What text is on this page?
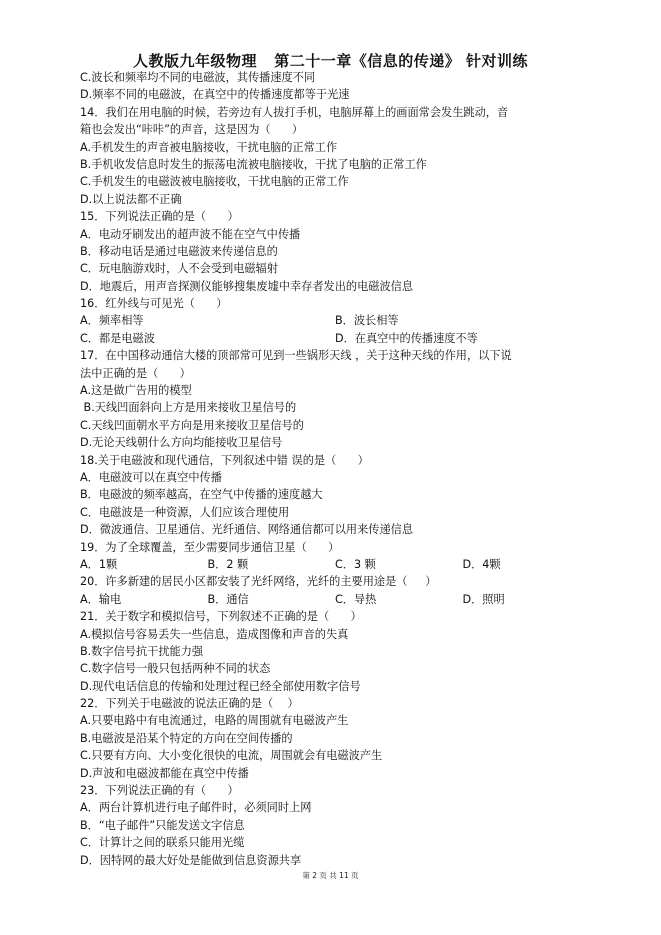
人教版九年级物理   第二十一章《信息的传递》 针对训练
C.波长和频率均不同的电磁波，其传播速度不同
D.频率不同的电磁波，在真空中的传播速度都等于光速
14．我们在用电脑的时候，若旁边有人拔打手机，电脑屏幕上的画面常会发生跳动，音
箱也会发出“咔咔”的声音，这是因为（      ）
A.手机发生的声音被电脑接收，干扰电脑的正常工作
B.手机收发信息时发生的振荡电流被电脑接收，干扰了电脑的正常工作
C.手机发生的电磁波被电脑接收，干扰电脑的正常工作
D.以上说法都不正确
15．下列说法正确的是（      ）
A．电动牙刷发出的超声波不能在空气中传播
B．移动电话是通过电磁波来传递信息的
C．玩电脑游戏时，人不会受到电磁辐射
D．地震后，用声音探测仪能够搜集废墟中幸存者发出的电磁波信息
16．红外线与可见光（      ）
A．频率相等	B．波长相等
C．都是电磁波	D．在真空中的传播速度不等
17．在中国移动通信大楼的顶部常可见到一些锅形天线 ，关于这种天线的作用，以下说
法中正确的是（      ）
A.这是做广告用的模型
B.天线凹面斜向上方是用来接收卫星信号的
C.天线凹面朝水平方向是用来接收卫星信号的
D.无论天线朝什么方向均能接收卫星信号
18.关于电磁波和现代通信，下列叙述中错 误的是（      ）
A．电磁波可以在真空中传播
B．电磁波的频率越高，在空气中传播的速度越大
C．电磁波是一种资源，人们应该合理使用
D．微波通信、卫星通信、光纤通信、网络通信都可以用来传递信息
19．为了全球覆盖，至少需要同步通信卫星（      ）
A．1颗	B．2 颗	C．3 颗	D．4颗
20．许多新建的居民小区都安装了光纤网络，光纤的主要用途是（     ）
A．输电	B．通信	C．导热	D．照明
21．关于数字和模拟信号，下列叙述不正确的是（      ）
A.模拟信号容易丢失一些信息，造成图像和声音的失真
B.数字信号抗干扰能力强
C.数字信号一般只包括两种不同的状态
D.现代电话信息的传输和处理过程已经全部使用数字信号
22．下列关于电磁波的说法正确的是（    ）
A.只要电路中有电流通过，电路的周围就有电磁波产生
B.电磁波是沿某个特定的方向在空间传播的
C.只要有方向、大小变化很快的电流，周围就会有电磁波产生
D.声波和电磁波都能在真空中传播
23．下列说法正确的有（      ）
A．两台计算机进行电子邮件时，必须同时上网
B．“电子邮件”只能发送文字信息
C．计算计之间的联系只能用光缆
D．因特网的最大好处是能做到信息资源共享
第 2 页 共 11 页
